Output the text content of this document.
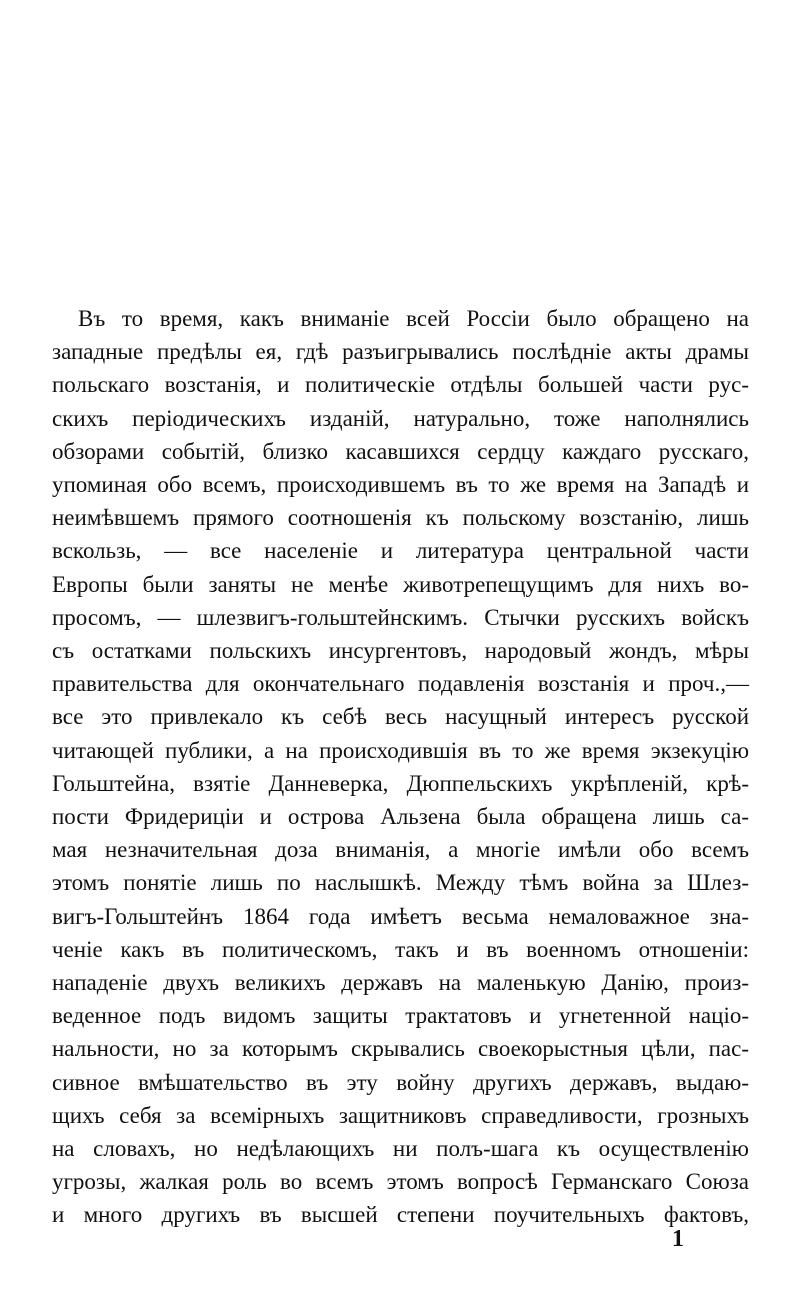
Въ то время, какъ вниманіе всей Россіи было обращено на
западные предѣлы ея, гдѣ разъигрывались послѣдніе акты драмы
польскаго возстанія, и политическіе отдѣлы большей части рус-
скихъ періодическихъ изданій, натурально, тоже наполнялись
обзорами событій, близко касавшихся сердцу каждаго русскаго,
упоминая обо всемъ, происходившемъ въ то же время на Западѣ и
неимѣвшемъ прямого соотношенія къ польскому возстанію, лишь
вскользь, — все населеніе и литература центральной части
Европы были заняты не менѣе животрепещущимъ для нихъ во-
просомъ, — шлезвигъ-гольштейнскимъ. Стычки русскихъ войскъ
съ остатками польскихъ инсургентовъ, народовый жондъ, мѣры
правительства для окончательнаго подавленія возстанія и проч.,—
все это привлекало къ себѣ весь насущный интересъ русской
читающей публики, а на происходившія въ то же время экзекуцію
Гольштейна, взятіе Данневерка, Дюппельскихъ укрѣпленій, крѣ-
пости Фридериціи и острова Альзена была обращена лишь са-
мая незначительная доза вниманія, а многіе имѣли обо всемъ
этомъ понятіе лишь по наслышкѣ. Между тѣмъ война за Шлез-
вигъ-Гольштейнъ 1864 года имѣетъ весьма немаловажное зна-
ченіе какъ въ политическомъ, такъ и въ военномъ отношеніи:
нападеніе двухъ великихъ державъ на маленькую Данію, произ-
веденное подъ видомъ защиты трактатовъ и угнетенной націо-
нальности, но за которымъ скрывались своекорыстныя цѣли, пас-
сивное вмѣшательство въ эту войну другихъ державъ, выдаю-
щихъ себя за всемірныхъ защитниковъ справедливости, грозныхъ
на словахъ, но недѣлающихъ ни полъ-шага къ осуществленію
угрозы, жалкая роль во всемъ этомъ вопросѣ Германскаго Союза
и много другихъ въ высшей степени поучительныхъ фактовъ,
1
